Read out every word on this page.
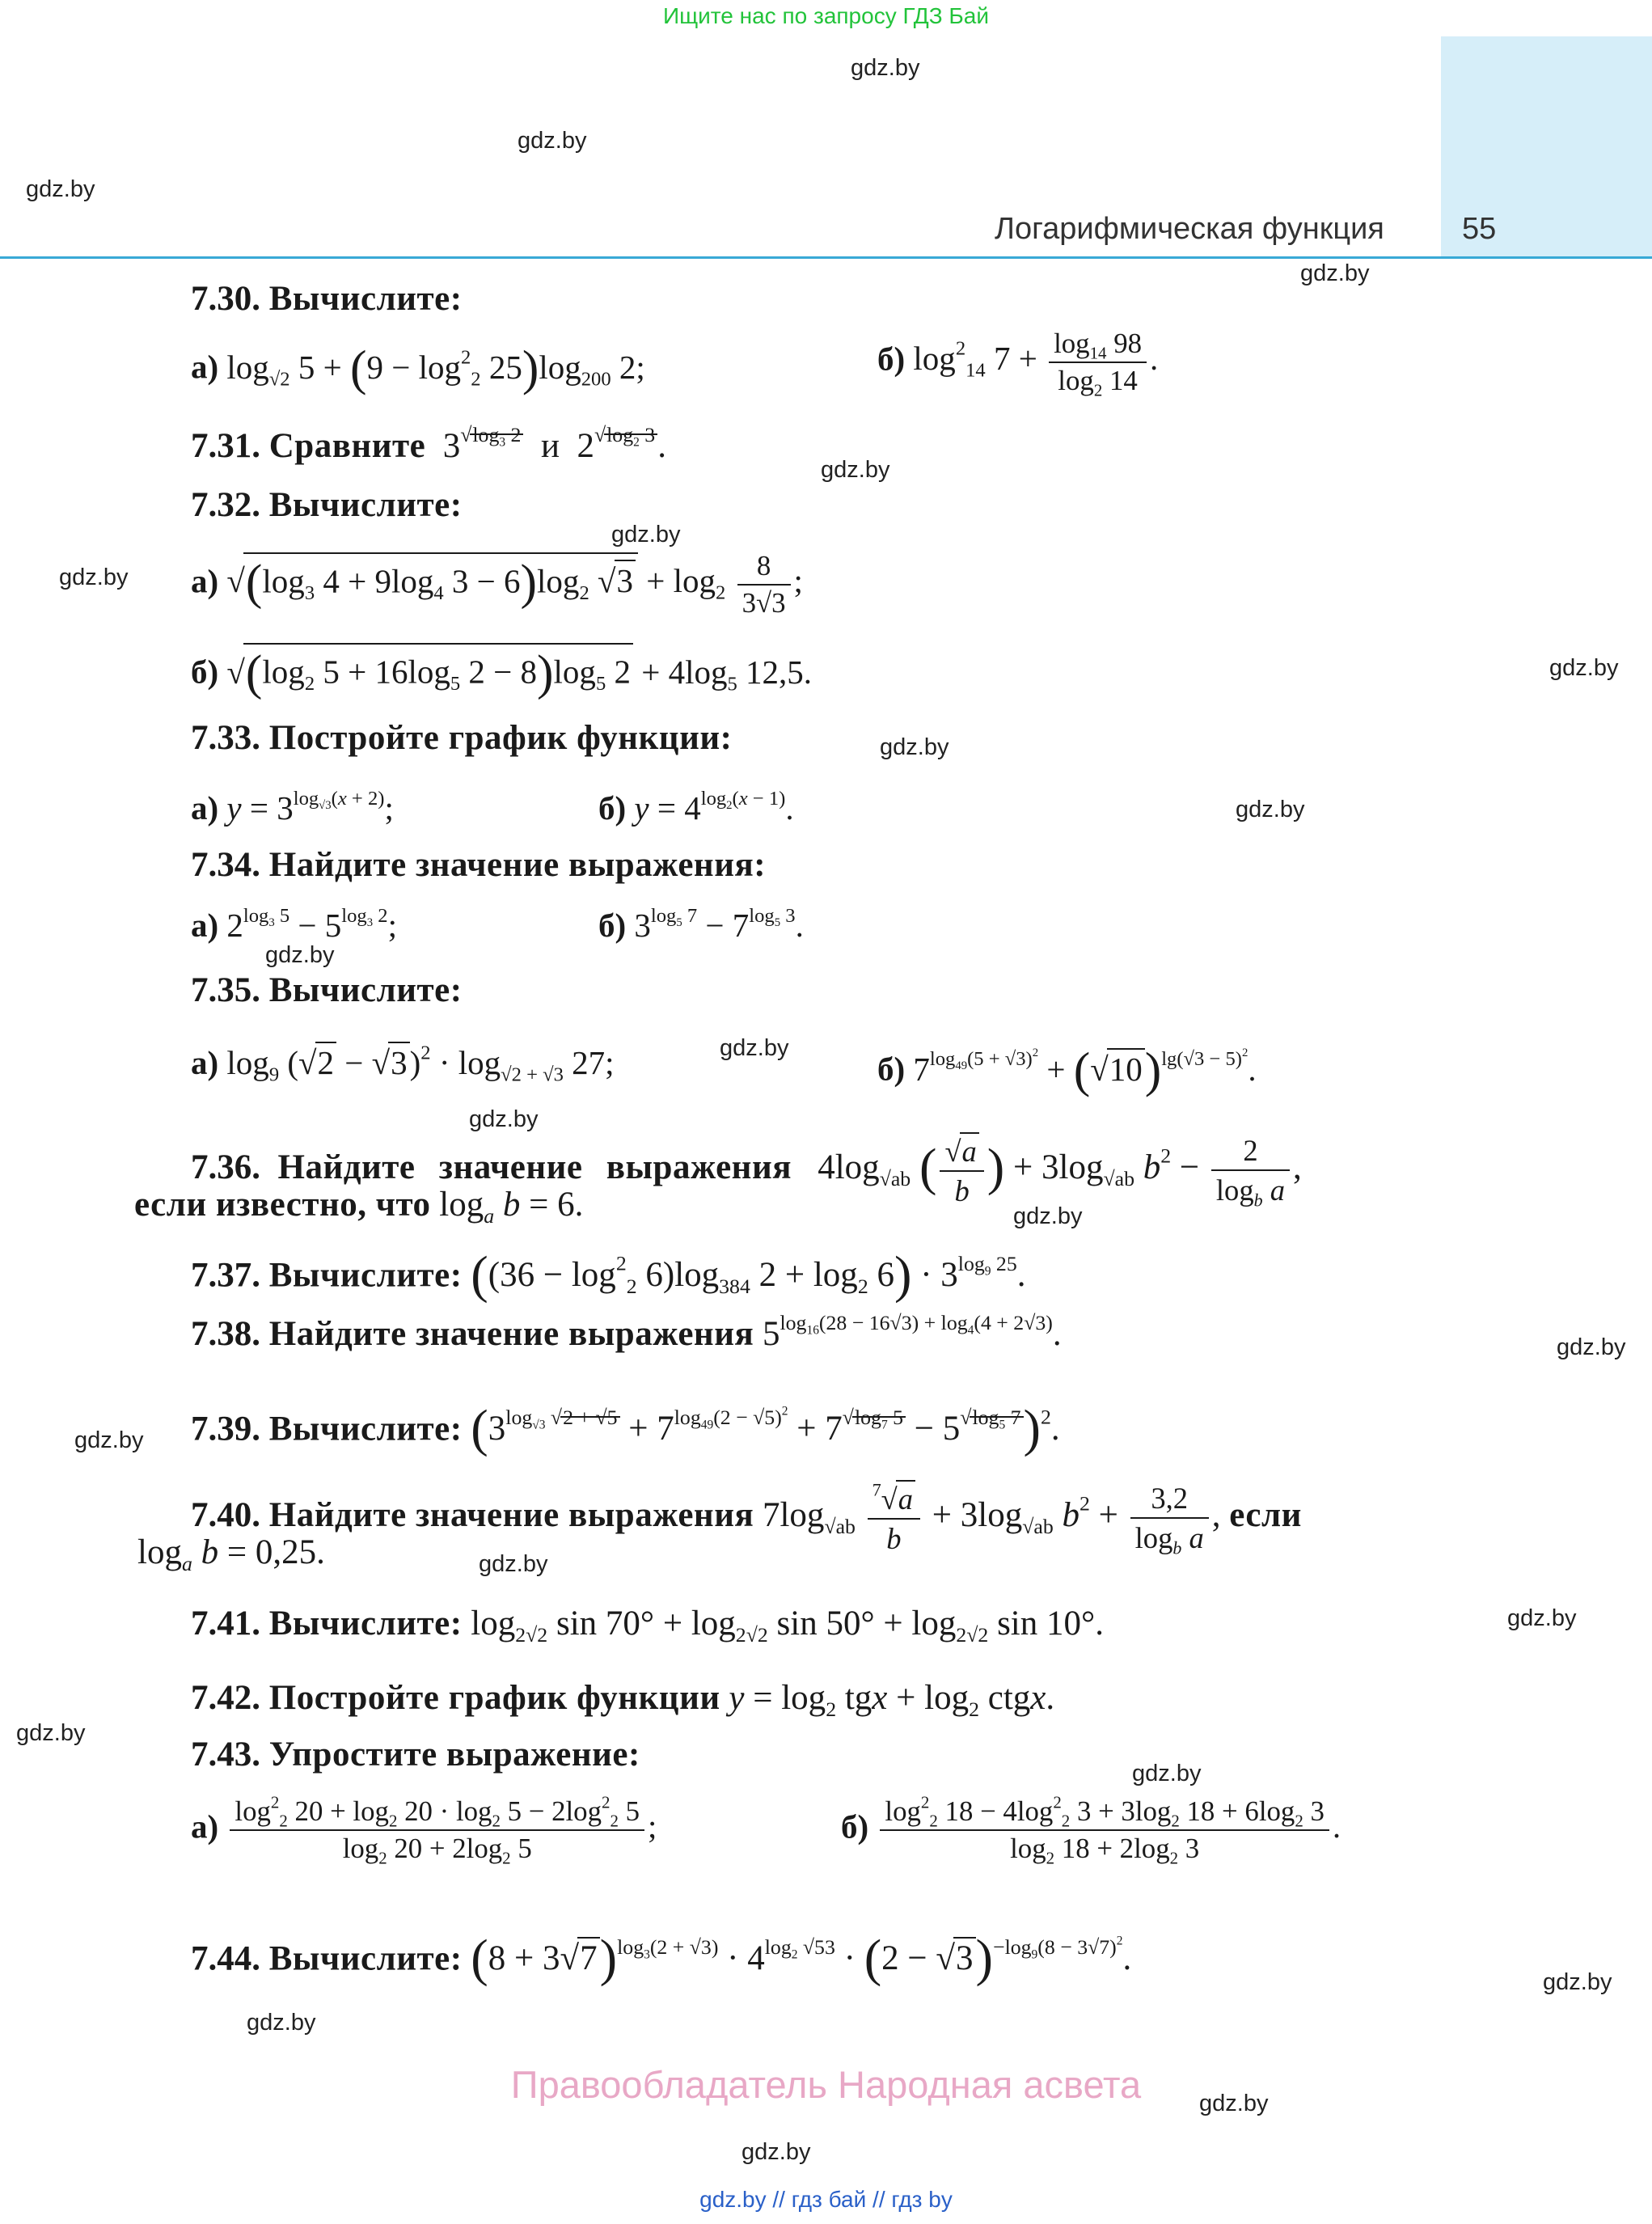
Ищите нас по запросу ГДЗ Бай
Логарифмическая функция	55
gdz.by
gdz.by
gdz.by
gdz.by
gdz.by
gdz.by
gdz.by
gdz.by
gdz.by
gdz.by
gdz.by
gdz.by
gdz.by
gdz.by
gdz.by
gdz.by
gdz.by
gdz.by
gdz.by
gdz.by
gdz.by
gdz.by
gdz.by
gdz.by
7.30. Вычислите:
а) $\log_{√2} 5 + (9 - \log^2_2 25)\log_{200}$ 2;	б) $\log^2_{14} 7 + \frac{\log_{14} 98}{\log_2 14}$ .
7.31. Сравните  $3^{√log_3 2}$ и  $2^{√log_2 3}$.
7.32. Вычислите:
а) $√(\log_3$ $4 + 9\log_4$ $3 - 6)\log_2$ $√3 + \log_2 \frac{8}{3√3}$ ;
б) $√(\log_2$ $5 + 16\log_5$ $2 - 8)\log_5$ $2 + 4\log_5$ 12,5.
7.33. Постройте график функции:
а) $y = 3^{log_{√3}(x + 2)}$;	б) $y = 4^{log_2(x - 1)}$.
7.34. Найдите значение выражения:
а) $2^{log_3 5} - 5^{log_3 2}$;	б) $3^{log_5 7} - 7^{log_5 3}$.
7.35. Вычислите:
а) $\log_9 (√2 - √3)^2 \cdot \log_{√2 + √3} 27$;	б) $7^{log_{49}(5 + √3)^2} + (√10)^{lg(√3 - 5)^2}$.
7.36. Найдите значение выражения $4\log_{√ab}$ ( $\frac{√a}{b}$ ) + $3\log_{√ab}$ $b^2 - \frac{2}{\log_b a}$ ,
если известно, что $\log_a b = 6$.
7.37. Вычислите: ($(36 - \log^2_2 6)\log_{384}$ $2 + \log_2 6) \cdot 3^{log_9 25}$.
7.38. Найдите значение выражения $5^{log_{16}(28 - 16√3) + log_4(4 + 2√3)}$.
7.39. Вычислите: $(3^{log_{√3} √2 + √5} + 7^{log_{49}(2 - √5)^2} + 7^{√log_7 5} - 5^{√log_5 7})^2$.
7.40. Найдите значение выражения $7\log_{√ab} \frac{^7√a}{b} + 3\log_{√ab}$ $b^2 + \frac{3,2}{\log_b a}$ , если
$\log_a b = 0,25$.
7.41. Вычислите: $\log_{2√2} \sin 70^\circ + \log_{2√2} \sin 50^\circ + \log_{2√2} \sin 10^\circ$.
7.42. Постройте график функции $y = \log_2$ tgx + $\log_2$ ctgx.
7.43. Упростите выражение:
$а) \frac{\log^2_2 20 + \log_2 20 \cdot \log_2 5 - 2\log^2_2 5}{\log_2 20 + 2\log_2 5}$ ;	$б) \frac{\log^2_2 18 - 4\log^2_2 3 + 3\log_2 18 + 6\log_2 3}{\log_2 18 + 2\log_2 3}$ .
7.44. Вычислите: $(8 + 3√7)^{log_3(2 + √3)} \cdot 4^{log_2 √53} \cdot (2 - √3)^{-log_9(8 - 3√7)^2}$.
Правообладатель Народная асвета
gdz.by // гдз бай // гдз by
